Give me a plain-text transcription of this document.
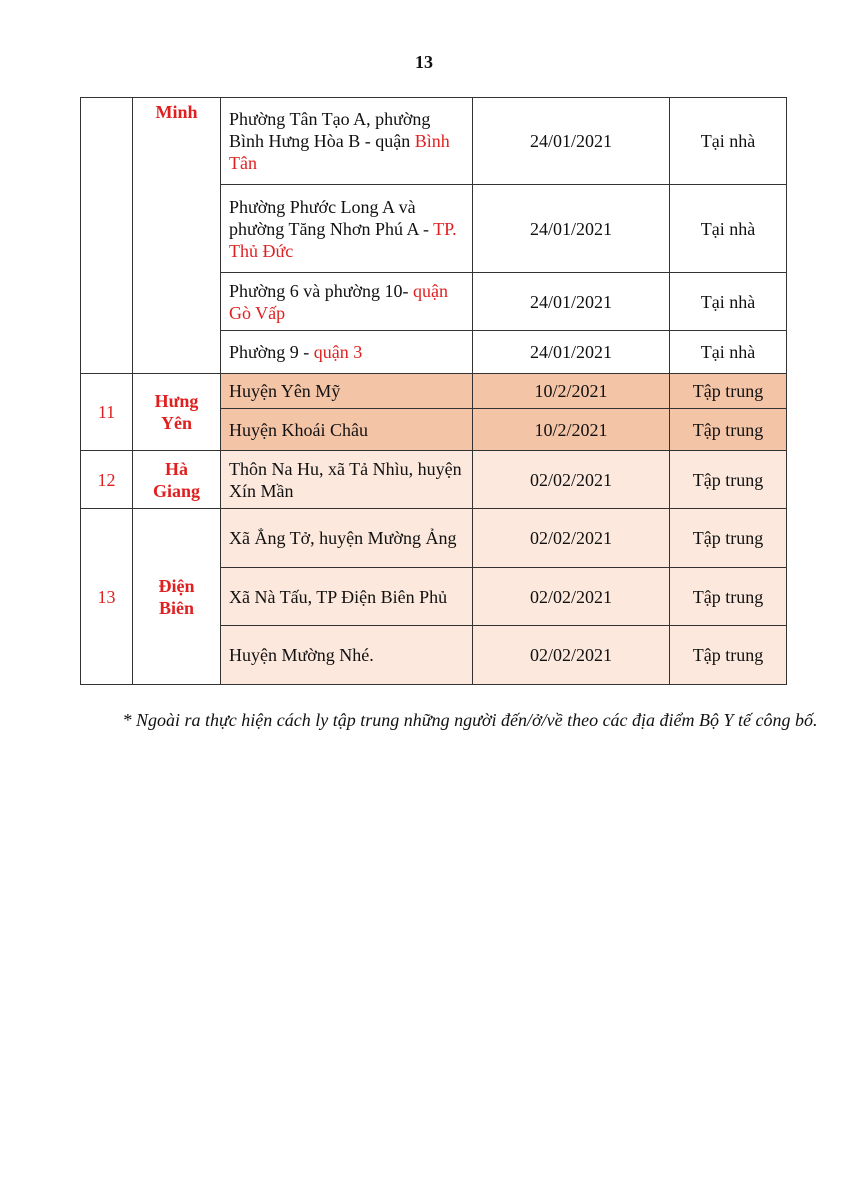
13
	Minh	Phường Tân Tạo A, phường Bình Hưng Hòa B - quận Bình Tân	24/01/2021	Tại nhà
		Phường Phước Long A và phường Tăng Nhơn Phú A - TP. Thủ Đức	24/01/2021	Tại nhà
		Phường 6 và phường 10- quận Gò Vấp	24/01/2021	Tại nhà
		Phường 9 - quận 3	24/01/2021	Tại nhà
11	Hưng Yên	Huyện Yên Mỹ	10/2/2021	Tập trung
		Huyện Khoái Châu	10/2/2021	Tập trung
12	Hà Giang	Thôn Na Hu, xã Tả Nhìu, huyện Xín Mần	02/02/2021	Tập trung
13	Điện Biên	Xã Ẳng Tở, huyện Mường Ảng	02/02/2021	Tập trung
		Xã Nà Tấu, TP Điện Biên Phủ	02/02/2021	Tập trung
		Huyện Mường Nhé.	02/02/2021	Tập trung
* Ngoài ra thực hiện cách ly tập trung những người đến/ở/về theo các địa điểm Bộ Y tế công bố.
